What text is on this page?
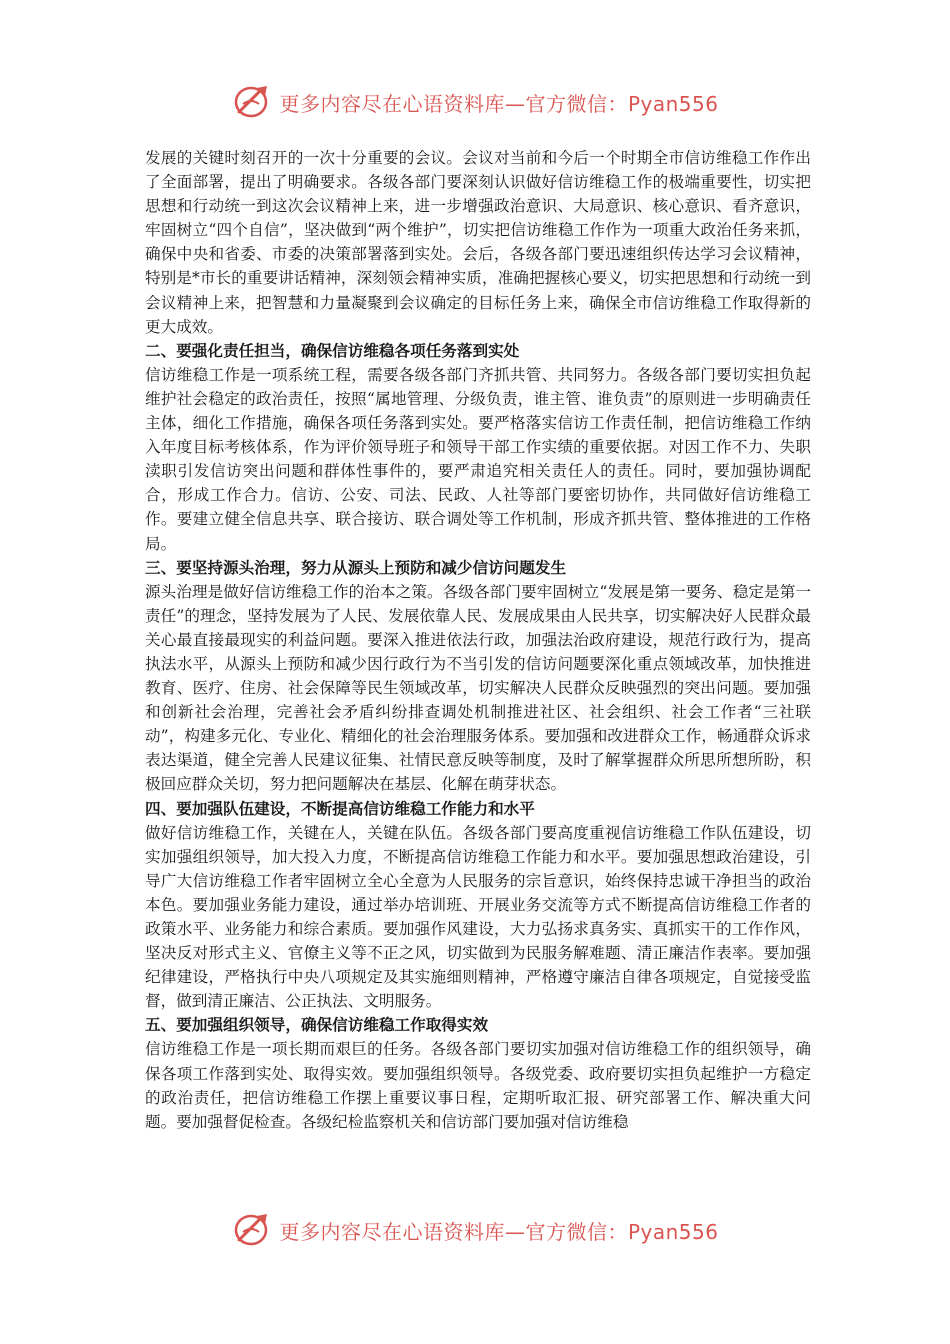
更多内容尽在心语资料库—官方微信：Pyan556

发展的关键时刻召开的一次十分重要的会议。会议对当前和今后一个时期全市信访维稳工作作出了全面部署，提出了明确要求。各级各部门要深刻认识做好信访维稳工作的极端重要性，切实把思想和行动统一到这次会议精神上来，进一步增强政治意识、大局意识、核心意识、看齐意识，牢固树立“四个自信”，坚决做到“两个维护”，切实把信访维稳工作作为一项重大政治任务来抓，确保中央和省委、市委的决策部署落到实处。会后，各级各部门要迅速组织传达学习会议精神，特别是*市长的重要讲话精神，深刻领会精神实质，准确把握核心要义，切实把思想和行动统一到会议精神上来，把智慧和力量凝聚到会议确定的目标任务上来，确保全市信访维稳工作取得新的更大成效。

二、要强化责任担当，确保信访维稳各项任务落到实处

信访维稳工作是一项系统工程，需要各级各部门齐抓共管、共同努力。各级各部门要切实担负起维护社会稳定的政治责任，按照“属地管理、分级负责，谁主管、谁负责”的原则进一步明确责任主体，细化工作措施，确保各项任务落到实处。要严格落实信访工作责任制，把信访维稳工作纳入年度目标考核体系，作为评价领导班子和领导干部工作实绩的重要依据。对因工作不力、失职渎职引发信访突出问题和群体性事件的，要严肃追究相关责任人的责任。同时，要加强协调配合，形成工作合力。信访、公安、司法、民政、人社等部门要密切协作，共同做好信访维稳工作。要建立健全信息共享、联合接访、联合调处等工作机制，形成齐抓共管、整体推进的工作格局。

三、要坚持源头治理，努力从源头上预防和减少信访问题发生

源头治理是做好信访维稳工作的治本之策。各级各部门要牢固树立“发展是第一要务、稳定是第一责任”的理念，坚持发展为了人民、发展依靠人民、发展成果由人民共享，切实解决好人民群众最关心最直接最现实的利益问题。要深入推进依法行政，加强法治政府建设，规范行政行为，提高执法水平，从源头上预防和减少因行政行为不当引发的信访问题要深化重点领域改革，加快推进教育、医疗、住房、社会保障等民生领域改革，切实解决人民群众反映强烈的突出问题。要加强和创新社会治理，完善社会矛盾纠纷排查调处机制推进社区、社会组织、社会工作者“三社联动”，构建多元化、专业化、精细化的社会治理服务体系。要加强和改进群众工作，畅通群众诉求表达渠道，健全完善人民建议征集、社情民意反映等制度，及时了解掌握群众所思所想所盼，积极回应群众关切，努力把问题解决在基层、化解在萌芽状态。

四、要加强队伍建设，不断提高信访维稳工作能力和水平

做好信访维稳工作，关键在人，关键在队伍。各级各部门要高度重视信访维稳工作队伍建设，切实加强组织领导，加大投入力度，不断提高信访维稳工作能力和水平。要加强思想政治建设，引导广大信访维稳工作者牢固树立全心全意为人民服务的宗旨意识，始终保持忠诚干净担当的政治本色。要加强业务能力建设，通过举办培训班、开展业务交流等方式不断提高信访维稳工作者的政策水平、业务能力和综合素质。要加强作风建设，大力弘扬求真务实、真抓实干的工作作风，坚决反对形式主义、官僚主义等不正之风，切实做到为民服务解难题、清正廉洁作表率。要加强纪律建设，严格执行中央八项规定及其实施细则精神，严格遵守廉洁自律各项规定，自觉接受监督，做到清正廉洁、公正执法、文明服务。

五、要加强组织领导，确保信访维稳工作取得实效

信访维稳工作是一项长期而艰巨的任务。各级各部门要切实加强对信访维稳工作的组织领导，确保各项工作落到实处、取得实效。要加强组织领导。各级党委、政府要切实担负起维护一方稳定的政治责任，把信访维稳工作摆上重要议事日程，定期听取汇报、研究部署工作、解决重大问题。要加强督促检查。各级纪检监察机关和信访部门要加强对信访维稳

更多内容尽在心语资料库—官方微信：Pyan556
